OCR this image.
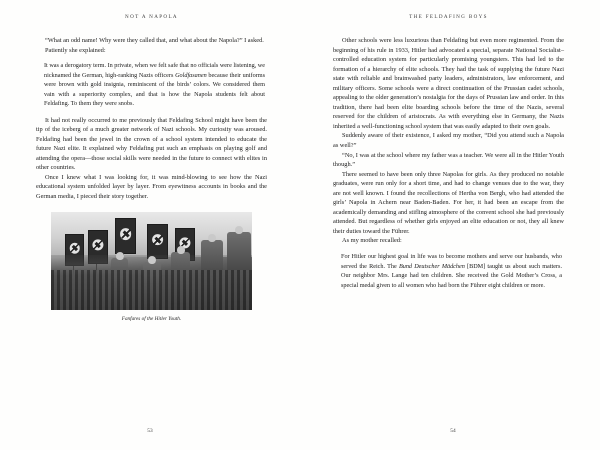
NOT A NAPOLA

“What an odd name! Why were they called that, and what about the Napola?” I asked.

Patiently she explained:

It was a derogatory term. In private, when we felt safe that no officials were listening, we nicknamed the German, high-ranking Nazis officers Goldfasanen because their uniforms were brown with gold insignia, reminiscent of the birds’ colors. We considered them vain with a superiority complex, and that is how the Napola students felt about Feldafing. To them they were snobs.

It had not really occurred to me previously that Feldafing School might have been the tip of the iceberg of a much greater network of Nazi schools. My curiosity was aroused. Feldafing had been the jewel in the crown of a school system intended to educate the future Nazi elite. It explained why Feldafing put such an emphasis on playing golf and attending the opera—those social skills were needed in the future to connect with elites in other countries.

Once I knew what I was looking for, it was mind-blowing to see how the Nazi educational system unfolded layer by layer. From eyewitness accounts in books and the German media, I pieced their story together.

Fanfares of the Hitler Youth.
53
THE FELDAFING BOYS

Other schools were less luxurious than Feldafing but even more regimented. From the beginning of his rule in 1933, Hitler had advocated a special, separate National Socialist–controlled education system for particularly promising youngsters. This had led to the formation of a hierarchy of elite schools. They had the task of supplying the future Nazi state with reliable and brainwashed party leaders, administrators, law enforcement, and military officers. Some schools were a direct continuation of the Prussian cadet schools, appealing to the older generation’s nostalgia for the days of Prussian law and order. In this tradition, there had been elite boarding schools before the time of the Nazis, several reserved for the children of aristocrats. As with everything else in Germany, the Nazis inherited a well-functioning school system that was easily adapted to their own goals.

Suddenly aware of their existence, I asked my mother, “Did you attend such a Napola as well?”

“No, I was at the school where my father was a teacher. We were all in the Hitler Youth though.”

There seemed to have been only three Napolas for girls. As they produced no notable graduates, were run only for a short time, and had to change venues due to the war, they are not well known. I found the recollections of Hertha von Bergh, who had attended the girls’ Napola in Achern near Baden-Baden. For her, it had been an escape from the academically demanding and stifling atmosphere of the convent school she had previously attended. But regardless of whether girls enjoyed an elite education or not, they all knew their duties toward the Führer.

As my mother recalled:

For Hitler our highest goal in life was to become mothers and serve our husbands, who served the Reich. The Bund Deutscher Mädchen [BDM] taught us about such matters. Our neighbor Mrs. Lange had ten children. She received the Gold Mother’s Cross, a special medal given to all women who had born the Führer eight children or more.

54
